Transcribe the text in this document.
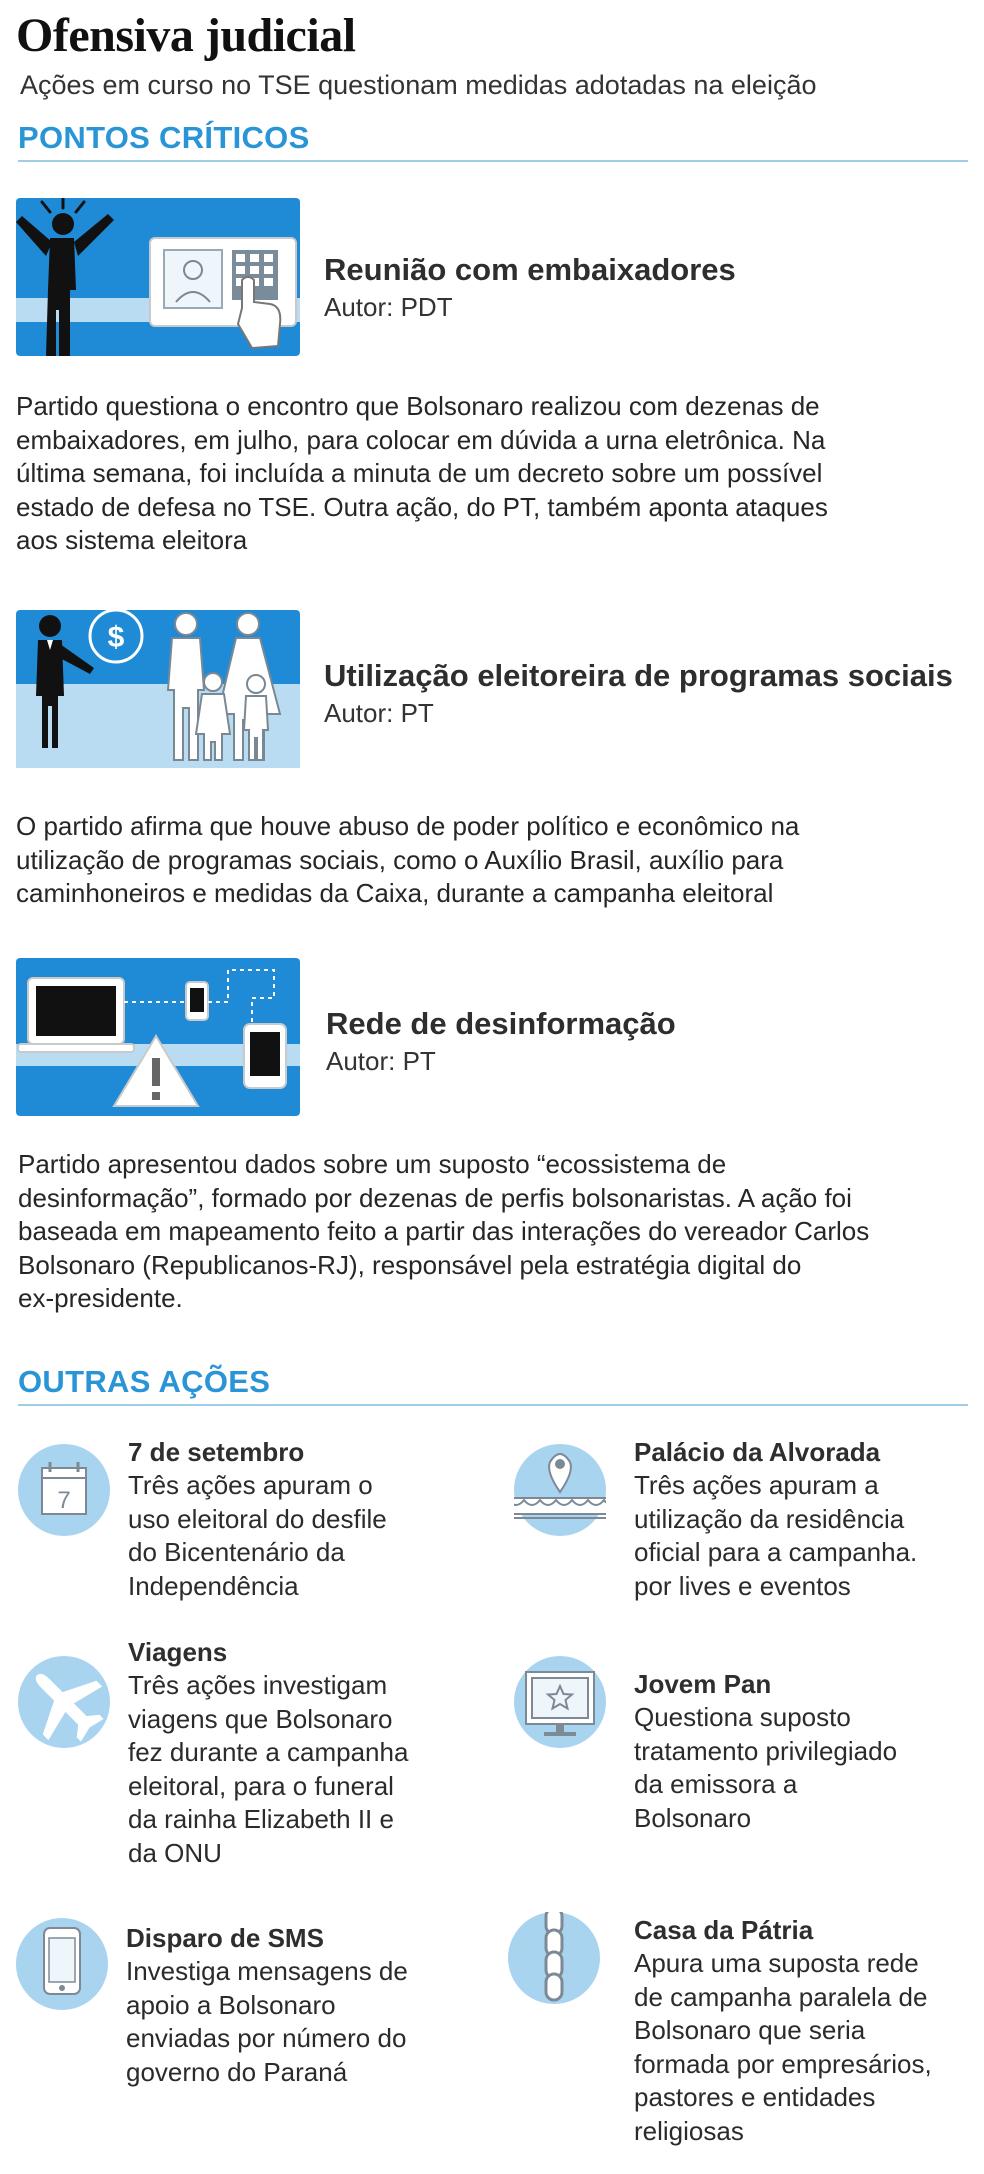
Ofensiva judicial
Ações em curso no TSE questionam medidas adotadas na eleição
PONTOS CRÍTICOS
Reunião com embaixadores
Autor: PDT
Partido questiona o encontro que Bolsonaro realizou com dezenas de
embaixadores, em julho, para colocar em dúvida a urna eletrônica. Na
última semana, foi incluída a minuta de um decreto sobre um possível
estado de defesa no TSE. Outra ação, do PT, também aponta ataques
aos sistema eleitora
$
Utilização eleitoreira de programas sociais
Autor: PT
O partido afirma que houve abuso de poder político e econômico na
utilização de programas sociais, como o Auxílio Brasil, auxílio para
caminhoneiros e medidas da Caixa, durante a campanha eleitoral
Rede de desinformação
Autor: PT
Partido apresentou dados sobre um suposto “ecossistema de
desinformação”, formado por dezenas de perfis bolsonaristas. A ação foi
baseada em mapeamento feito a partir das interações do vereador Carlos
Bolsonaro (Republicanos-RJ), responsável pela estratégia digital do
ex-presidente.
OUTRAS AÇÕES
7
7 de setembro
Três ações apuram o
uso eleitoral do desfile
do Bicentenário da
Independência
Palácio da Alvorada
Três ações apuram a
utilização da residência
oficial para a campanha.
por lives e eventos
Viagens
Três ações investigam
viagens que Bolsonaro
fez durante a campanha
eleitoral, para o funeral
da rainha Elizabeth II e
da ONU
Jovem Pan
Questiona suposto
tratamento privilegiado
da emissora a
Bolsonaro
Disparo de SMS
Investiga mensagens de
apoio a Bolsonaro
enviadas por número do
governo do Paraná
Casa da Pátria
Apura uma suposta rede
de campanha paralela de
Bolsonaro que seria
formada por empresários,
pastores e entidades
religiosas
